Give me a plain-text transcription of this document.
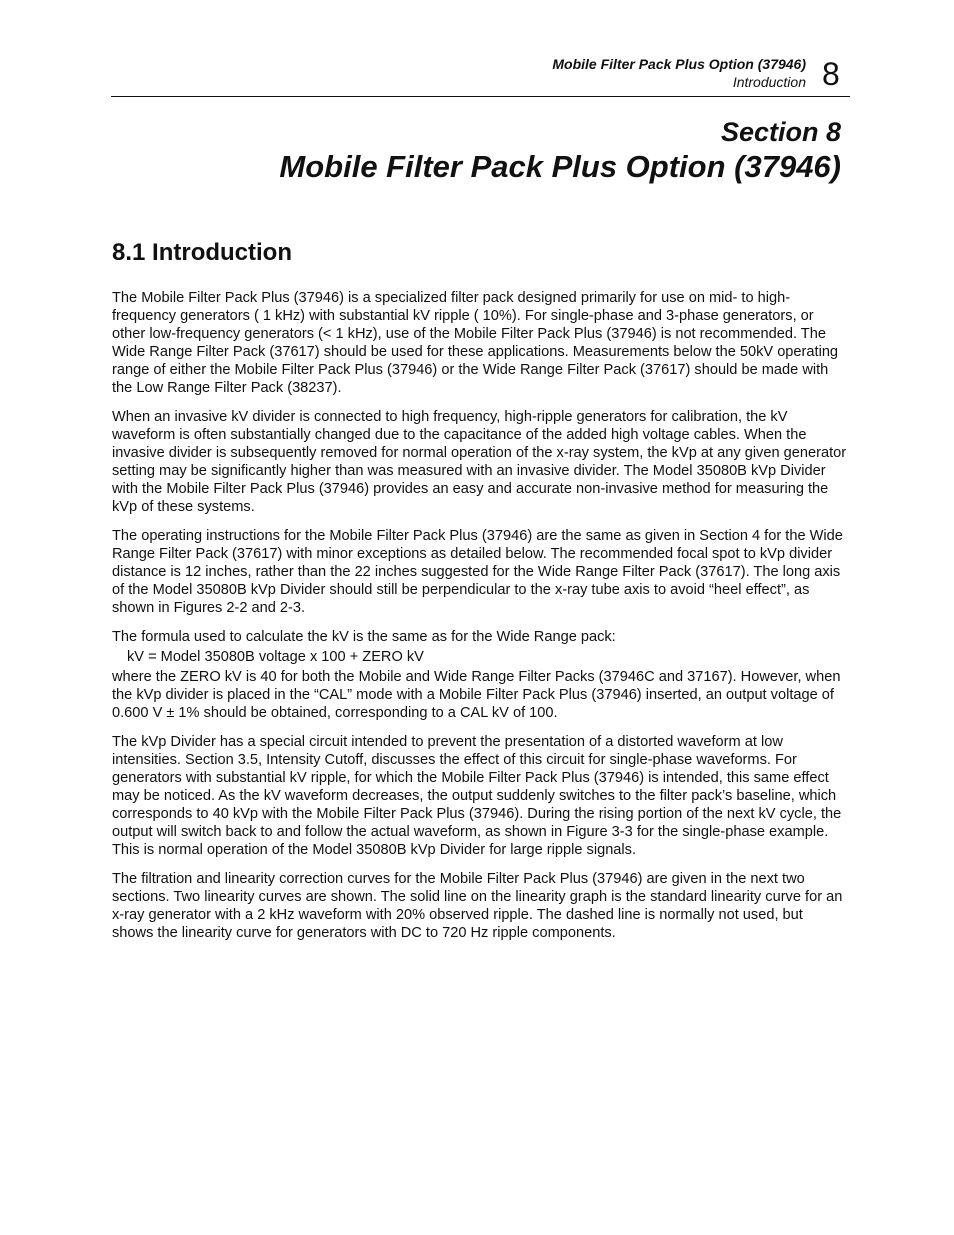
Mobile Filter Pack Plus Option (37946)
Introduction 8
Section 8
Mobile Filter Pack Plus Option (37946)
8.1 Introduction

The Mobile Filter Pack Plus (37946) is a specialized filter pack designed primarily for use on mid- to high-frequency generators ( 1 kHz) with substantial kV ripple ( 10%). For single-phase and 3-phase generators, or other low-frequency generators (< 1 kHz), use of the Mobile Filter Pack Plus (37946) is not recommended. The Wide Range Filter Pack (37617) should be used for these applications. Measurements below the 50kV operating range of either the Mobile Filter Pack Plus (37946) or the Wide Range Filter Pack (37617) should be made with the Low Range Filter Pack (38237).

When an invasive kV divider is connected to high frequency, high-ripple generators for calibration, the kV waveform is often substantially changed due to the capacitance of the added high voltage cables. When the invasive divider is subsequently removed for normal operation of the x-ray system, the kVp at any given generator setting may be significantly higher than was measured with an invasive divider. The Model 35080B kVp Divider with the Mobile Filter Pack Plus (37946) provides an easy and accurate non-invasive method for measuring the kVp of these systems.

The operating instructions for the Mobile Filter Pack Plus (37946) are the same as given in Section 4 for the Wide Range Filter Pack (37617) with minor exceptions as detailed below. The recommended focal spot to kVp divider distance is 12 inches, rather than the 22 inches suggested for the Wide Range Filter Pack (37617). The long axis of the Model 35080B kVp Divider should still be perpendicular to the x-ray tube axis to avoid “heel effect”, as shown in Figures 2-2 and 2-3.

The formula used to calculate the kV is the same as for the Wide Range pack:

kV = Model 35080B voltage x 100 + ZERO kV

where the ZERO kV is 40 for both the Mobile and Wide Range Filter Packs (37946C and 37167). However, when the kVp divider is placed in the “CAL” mode with a Mobile Filter Pack Plus (37946) inserted, an output voltage of 0.600 V ± 1% should be obtained, corresponding to a CAL kV of 100.

The kVp Divider has a special circuit intended to prevent the presentation of a distorted waveform at low intensities. Section 3.5, Intensity Cutoff, discusses the effect of this circuit for single-phase waveforms. For generators with substantial kV ripple, for which the Mobile Filter Pack Plus (37946) is intended, this same effect may be noticed. As the kV waveform decreases, the output suddenly switches to the filter pack’s baseline, which corresponds to 40 kVp with the Mobile Filter Pack Plus (37946). During the rising portion of the next kV cycle, the output will switch back to and follow the actual waveform, as shown in Figure 3-3 for the single-phase example. This is normal operation of the Model 35080B kVp Divider for large ripple signals.

The filtration and linearity correction curves for the Mobile Filter Pack Plus (37946) are given in the next two sections. Two linearity curves are shown. The solid line on the linearity graph is the standard linearity curve for an x-ray generator with a 2 kHz waveform with 20% observed ripple. The dashed line is normally not used, but shows the linearity curve for generators with DC to 720 Hz ripple components.
